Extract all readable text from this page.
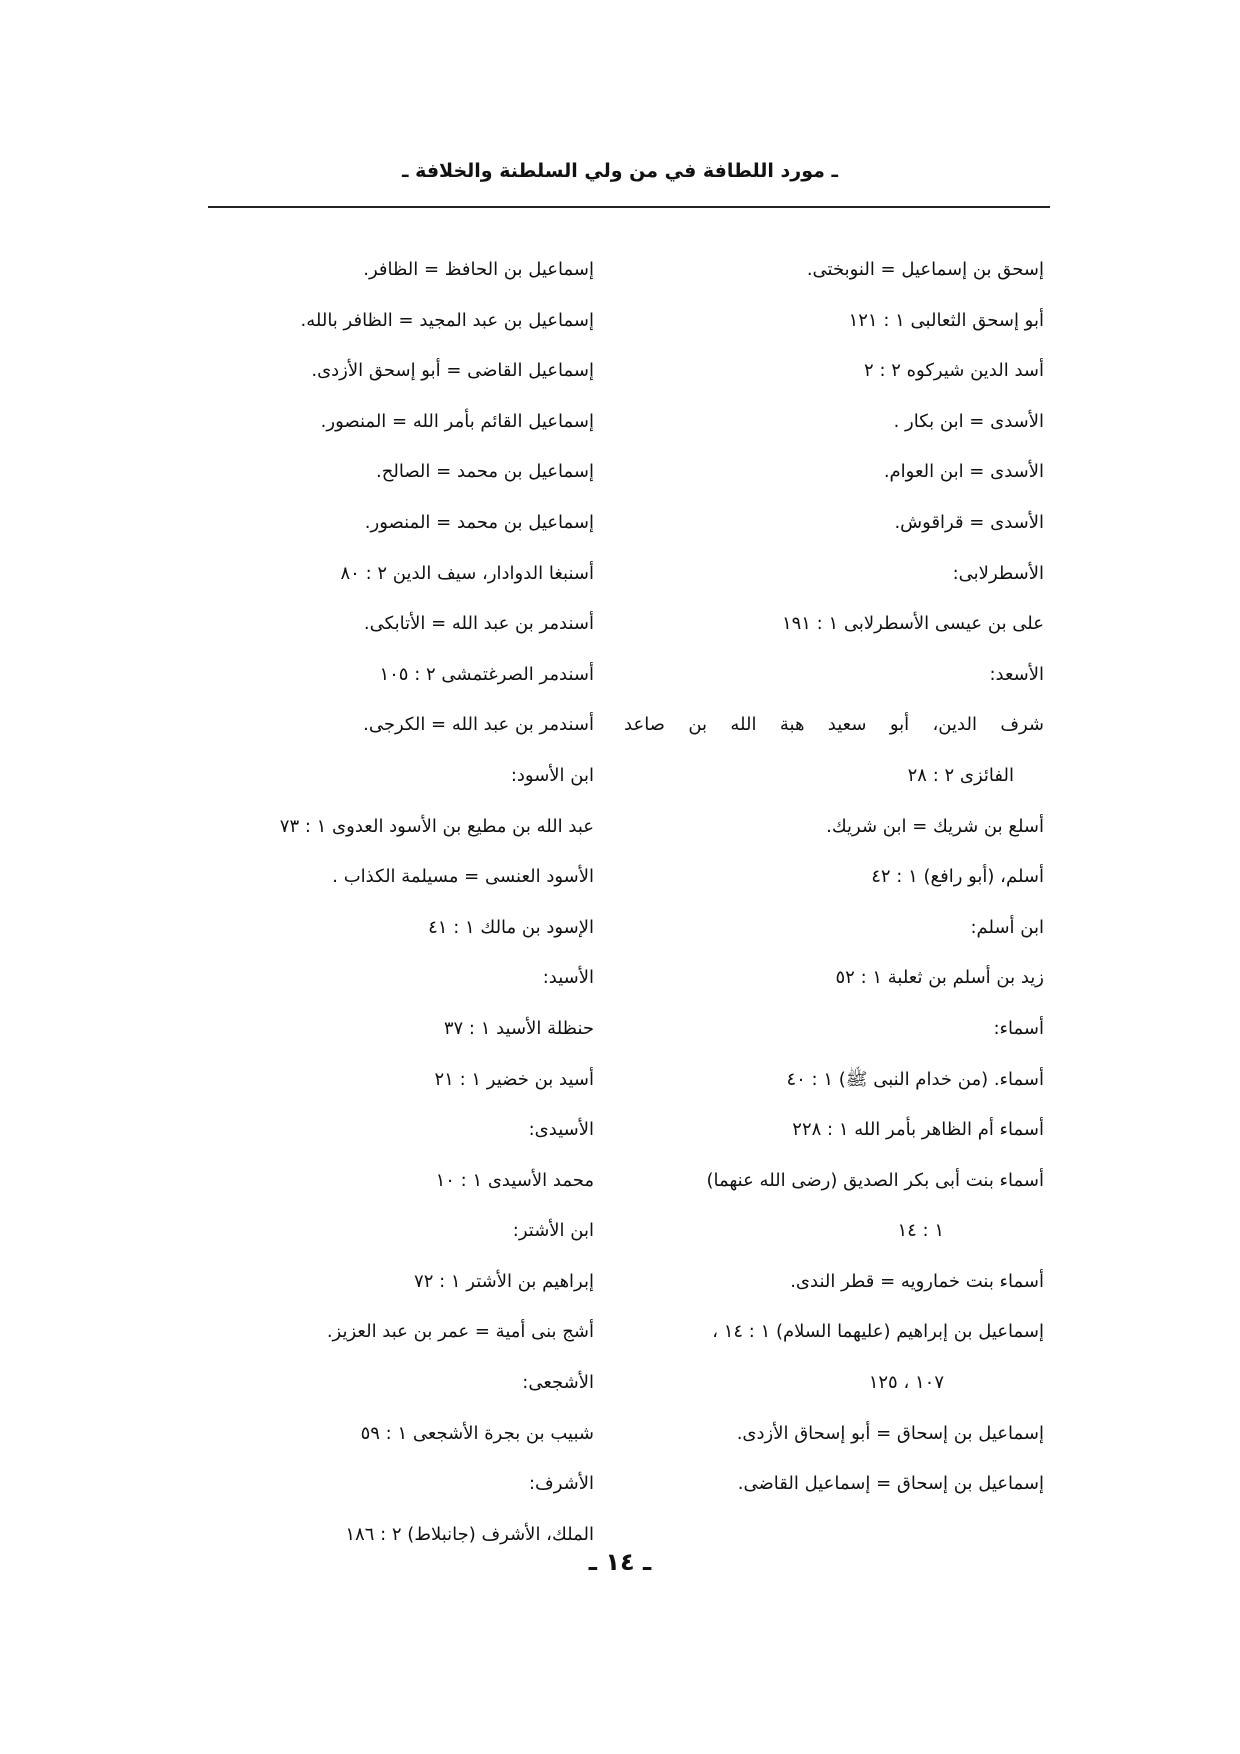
ـ مورد اللطافة في من ولي السلطنة والخلافة ـ
إسحق بن إسماعيل = النوبختى.
أبو إسحق الثعالبى ١ : ١٢١
أسد الدين شيركوه ٢ : ٢
الأسدى = ابن بكار .
الأسدى = ابن العوام.
الأسدى = قراقوش.
الأسطرلابى:
على بن عيسى الأسطرلابى ١ : ١٩١
الأسعد:
شرف الدين، أبو سعيد هبة الله بن صاعد
الفائزى ٢ : ٢٨
أسلع بن شريك = ابن شريك.
أسلم، (أبو رافع) ١ : ٤٢
ابن أسلم:
زيد بن أسلم بن ثعلبة ١ : ٥٢
أسماء:
أسماء. (من خدام النبى ﷺ) ١ : ٤٠
أسماء أم الظاهر بأمر الله ١ : ٢٢٨
أسماء بنت أبى بكر الصديق (رضى الله عنهما)
١ : ١٤
أسماء بنت خمارويه = قطر الندى.
إسماعيل بن إبراهيم (عليهما السلام) ١ : ١٤ ،
١٠٧ ، ١٢٥
إسماعيل بن إسحاق = أبو إسحاق الأزدى.
إسماعيل بن إسحاق = إسماعيل القاضى.
إسماعيل بن الحافظ = الظافر.
إسماعيل بن عبد المجيد = الظافر بالله.
إسماعيل القاضى = أبو إسحق الأزدى.
إسماعيل القائم بأمر الله = المنصور.
إسماعيل بن محمد = الصالح.
إسماعيل بن محمد = المنصور.
أسنبغا الدوادار، سيف الدين ٢ : ٨٠
أسندمر بن عبد الله = الأتابكى.
أسندمر الصرغتمشى ٢ : ١٠٥
أسندمر بن عبد الله = الكرجى.
ابن الأسود:
عبد الله بن مطيع بن الأسود العدوى ١ : ٧٣
الأسود العنسى = مسيلمة الكذاب .
الإسود بن مالك ١ : ٤١
الأسيد:
حنظلة الأسيد ١ : ٣٧
أسيد بن خضير ١ : ٢١
الأسيدى:
محمد الأسيدى ١ : ١٠
ابن الأشتر:
إبراهيم بن الأشتر ١ : ٧٢
أشج بنى أمية = عمر بن عبد العزيز.
الأشجعى:
شبيب بن بجرة الأشجعى ١ : ٥٩
الأشرف:
الملك، الأشرف (جانبلاط) ٢ : ١٨٦
ـ ١٤ ـ
